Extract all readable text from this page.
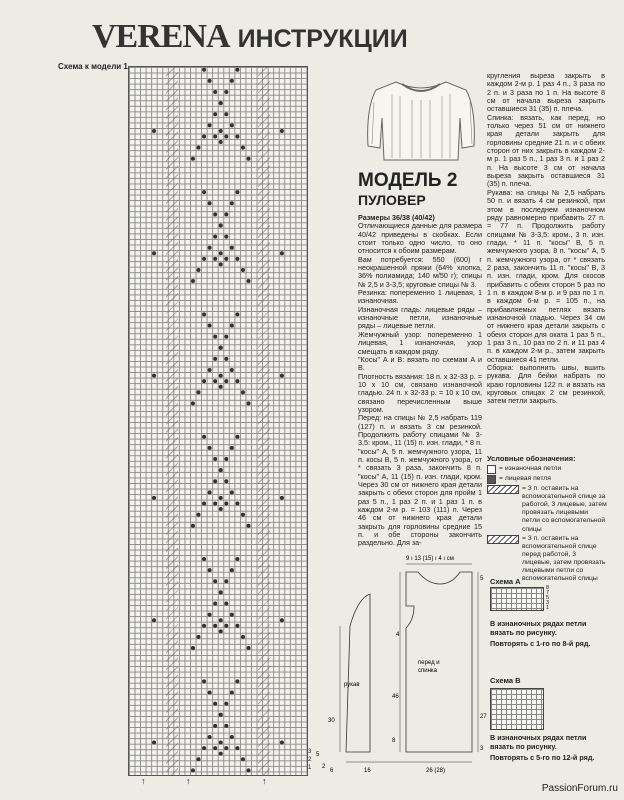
VERENA ИНСТРУКЦИИ
Схема к модели 1
3
2
1
↑	↑	↑
МОДЕЛЬ 2
ПУЛОВЕР

Размеры 36/38 (40/42)

Отличающиеся данные для размера 40/42 приведены в скобках. Если стоит только одно число, то оно относится к обоим размерам.

Вам потребуется: 550 (600) г неокрашенной пряжи (64% хлопка, 36% полиамида; 140 м/50 г); спицы № 2,5 и 3-3,5; круговые спицы № 3.

Резинка: попеременно 1 лицевая, 1 изнаночная.

Изнаночная гладь: лицевые ряды – изнаночные петли, изнаночные ряды – лицевые петли.

Жемчужный узор: попеременно 1 лицевая, 1 изнаночная, узор смещать в каждом ряду.

"Косы" А и В: вязать по схемам А и В.

Плотность вязания: 18 п. х 32-33 р. = 10 х 10 см, связано изнаночной гладью. 24 п. х 32-33 р. = 10 х 10 см, связано перечисленным выше узором.

Перед: на спицы № 2,5 набрать 119 (127) п. и вязать 3 см резинкой. Продолжить работу спицами № 3-3,5: кром., 11 (15) п. изн. глади, * 8 п. "косы" А, 5 п. жемчужного узора, 11 п. косы В, 5 п. жемчужного узора, от * связать 3 раза, закончить 8 п. "косы" А, 11 (15) п. изн. глади, кром. Через 30 см от нижнего края детали закрыть с обеих сторон для пройм 1 раз 5 п., 1 раз 2 п. и 1 раз 1 п. в каждом 2-м р. = 103 (111) п. Через 46 см от нижнего края детали закрыть для горловины средние 15 п. и обе стороны закончить раздельно. Для за-

кругления выреза закрыть в каждом 2-м р. 1 раз 4 п., 3 раза по 2 п. и 3 раза по 1 п. На высоте 8 см от начала выреза закрыть оставшиеся 31 (35) п. плеча.

Спинка: вязать, как перед, но только через 51 см от нижнего края детали закрыть для горловины средние 21 п. и с обеих сторон от них закрыть в каждом 2-м р. 1 раз 5 п., 1 раз 3 п. и 1 раз 2 п. На высоте 3 см от начала выреза закрыть оставшиеся 31 (35) п. плеча.

Рукава: на спицы № 2,5 набрать 50 п. и вязать 4 см резинкой, при этом в последнем изнаночном ряду равномерно прибавить 27 п. = 77 п. Продолжить работу спицами № 3-3,5: кром., 3 п. изн. глади, * 11 п. "косы" В, 5 п. жемчужного узора, 8 п. "косы" А, 5 п. жемчужного узора, от * связать 2 раза, закончить 11 п. "косы" В, 3 п. изн. глади, кром. Для скосов прибавить с обеих сторон 5 раз по 1 п. в каждом 8-м р. и 9 раз по 1 п. в каждом 6-м р. = 105 п., на прибавляемых петлях вязать изнаночной гладью. Через 34 см от нижнего края детали закрыть с обеих сторон для оката 1 раз 5 п., 1 раз 3 п., 10 раз по 2 п. и 11 раз 4 п. в каждом 2-м р., затем закрыть оставшиеся 41 петли.

Сборка: выполнить швы, вшить рукава. Для бейки набрать по краю горловины 122 п. и вязать на круговых спицах 2 см резинкой, затем петли закрыть.

Условные обозначения:
= изнаночная петли
= лицевая петля
= 3 п. оставить на вспомогательной спице за работой, 3 лицевые, затем провязать лицевыми петли со вспомогательной спицы
= 3 п. оставить на вспомогательной спице перед работой, 3 лицевые, затем провязать лицевыми петли со вспомогательной спицы
Схема А
8
7
5
3
1
В изнаночных рядах петли вязать по рисунку.
Повторять с 1-го по 8-й ряд.
Схема В
В изнаночных рядах петли вязать по рисунку.
Повторять с 5-го по 12-й ряд.
9 ı 13 (15) ı 4 ı см
рукав
перед и
спинка
30
46
8
5
27
3
5
2
6	16	26 (28)
4
PassionForum.ru
